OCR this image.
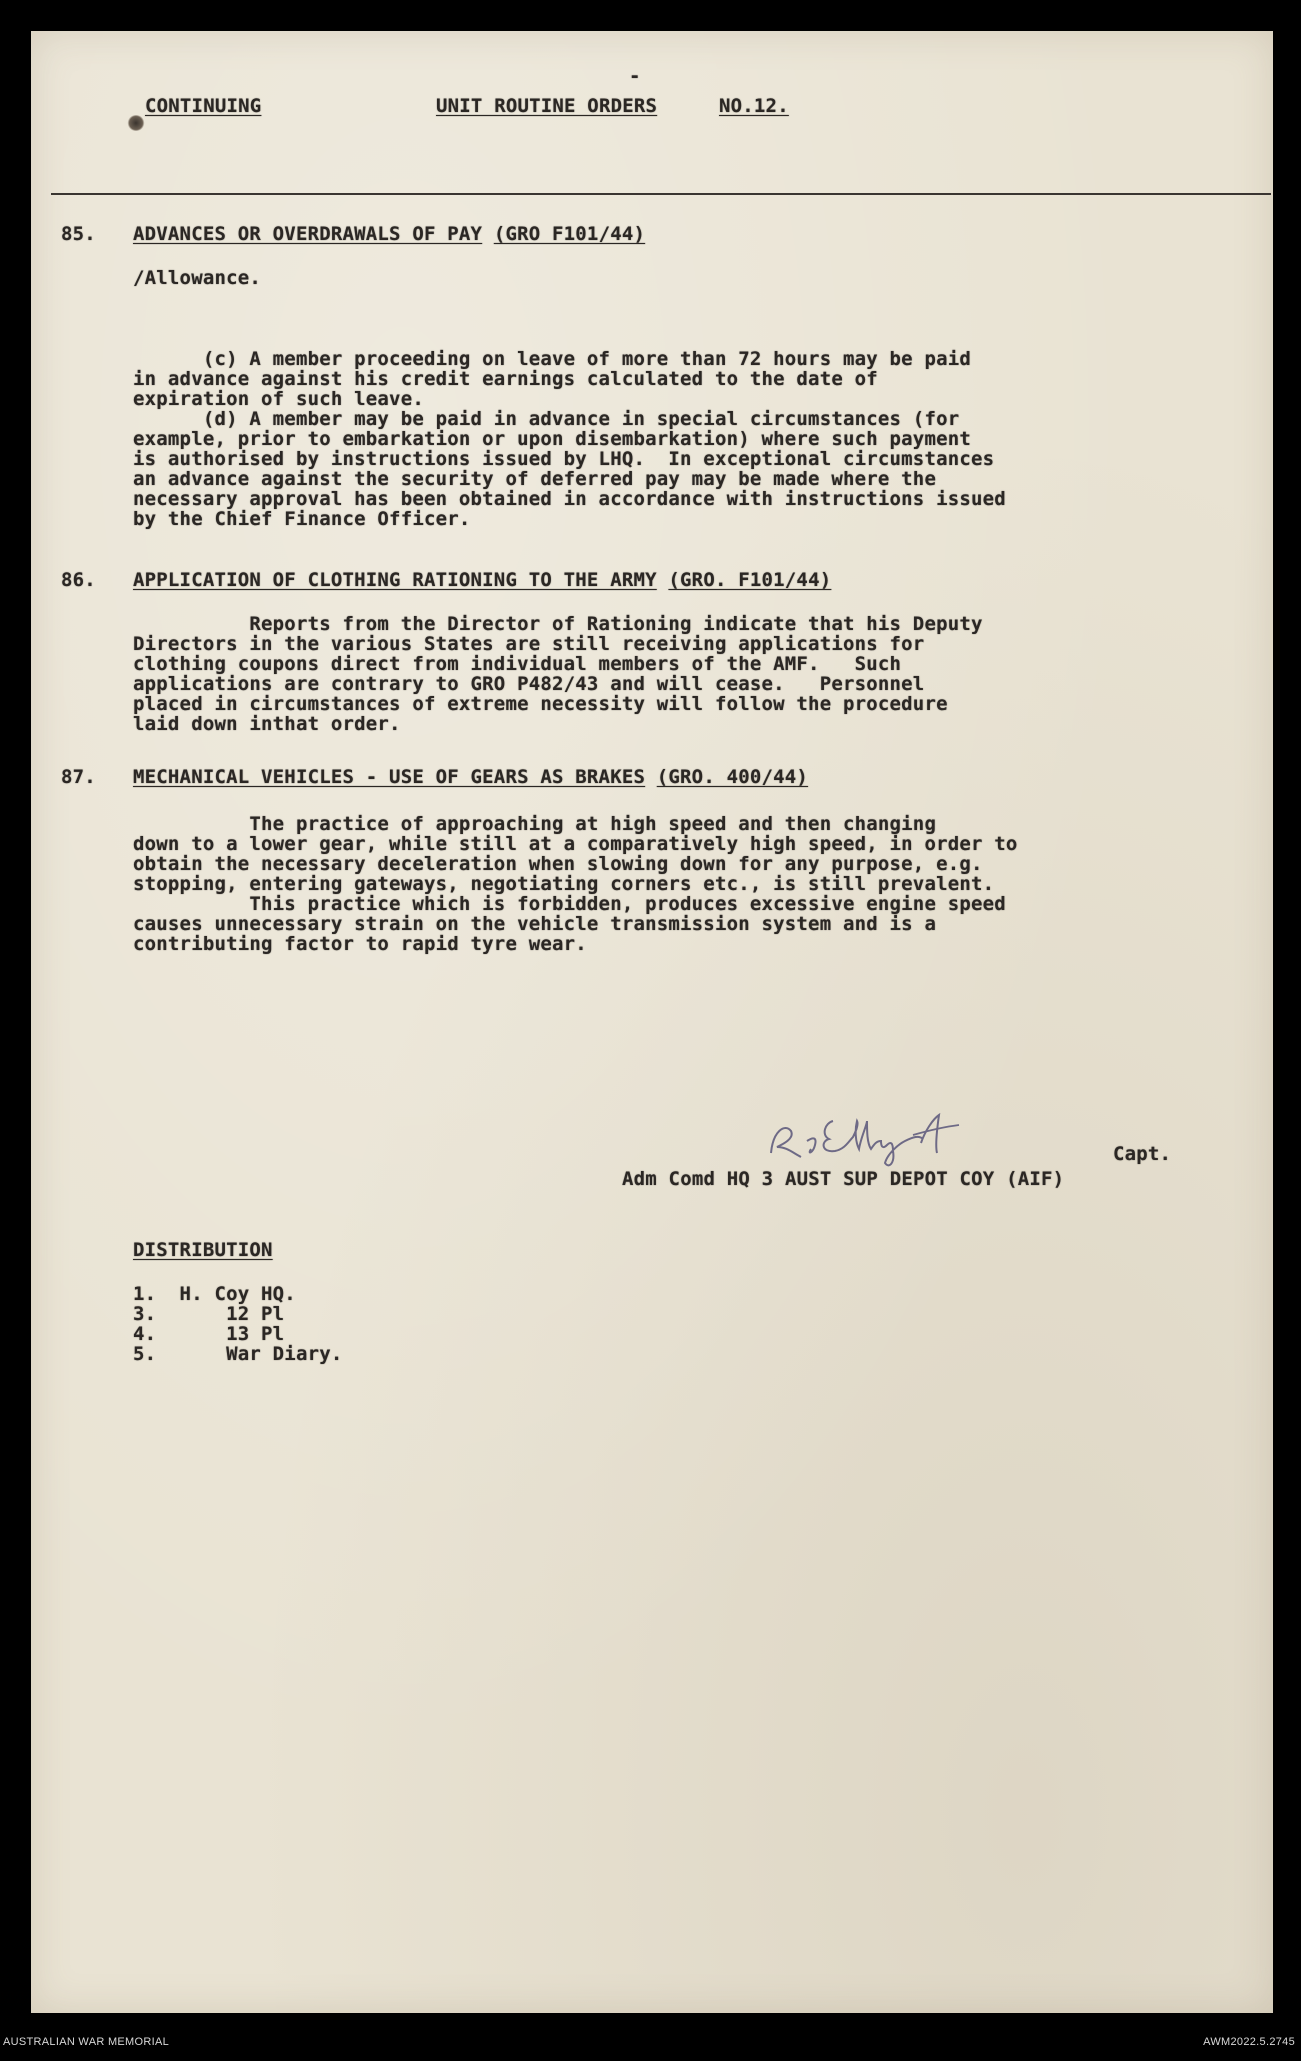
-
CONTINUING	UNIT ROUTINE ORDERS	NO.12.
85. ADVANCES OR OVERDRAWALS OF PAY (GRO F101/44)
/Allowance.
(c) A member proceeding on leave of more than 72 hours may be paid
in advance against his credit earnings calculated to the date of
expiration of such leave.
(d) A member may be paid in advance in special circumstances (for
example, prior to embarkation or upon disembarkation) where such payment
is authorised by instructions issued by LHQ.  In exceptional circumstances
an advance against the security of deferred pay may be made where the
necessary approval has been obtained in accordance with instructions issued
by the Chief Finance Officer.
86. APPLICATION OF CLOTHING RATIONING TO THE ARMY (GRO. F101/44)
Reports from the Director of Rationing indicate that his Deputy
Directors in the various States are still receiving applications for
clothing coupons direct from individual members of the AMF.   Such
applications are contrary to GRO P482/43 and will cease.   Personnel
placed in circumstances of extreme necessity will follow the procedure
laid down inthat order.
87. MECHANICAL VEHICLES - USE OF GEARS AS BRAKES (GRO. 400/44)
The practice of approaching at high speed and then changing
down to a lower gear, while still at a comparatively high speed, in order to
obtain the necessary deceleration when slowing down for any purpose, e.g.
stopping, entering gateways, negotiating corners etc., is still prevalent.
This practice which is forbidden, produces excessive engine speed
causes unnecessary strain on the vehicle transmission system and is a
contributing factor to rapid tyre wear.
R.J. Elliott
Capt.
Adm Comd HQ 3 AUST SUP DEPOT COY (AIF)
DISTRIBUTION
1.  H. Coy HQ.
3.      12 Pl
4.      13 Pl
5.      War Diary.
AUSTRALIAN WAR MEMORIAL	AWM2022.5.2745
